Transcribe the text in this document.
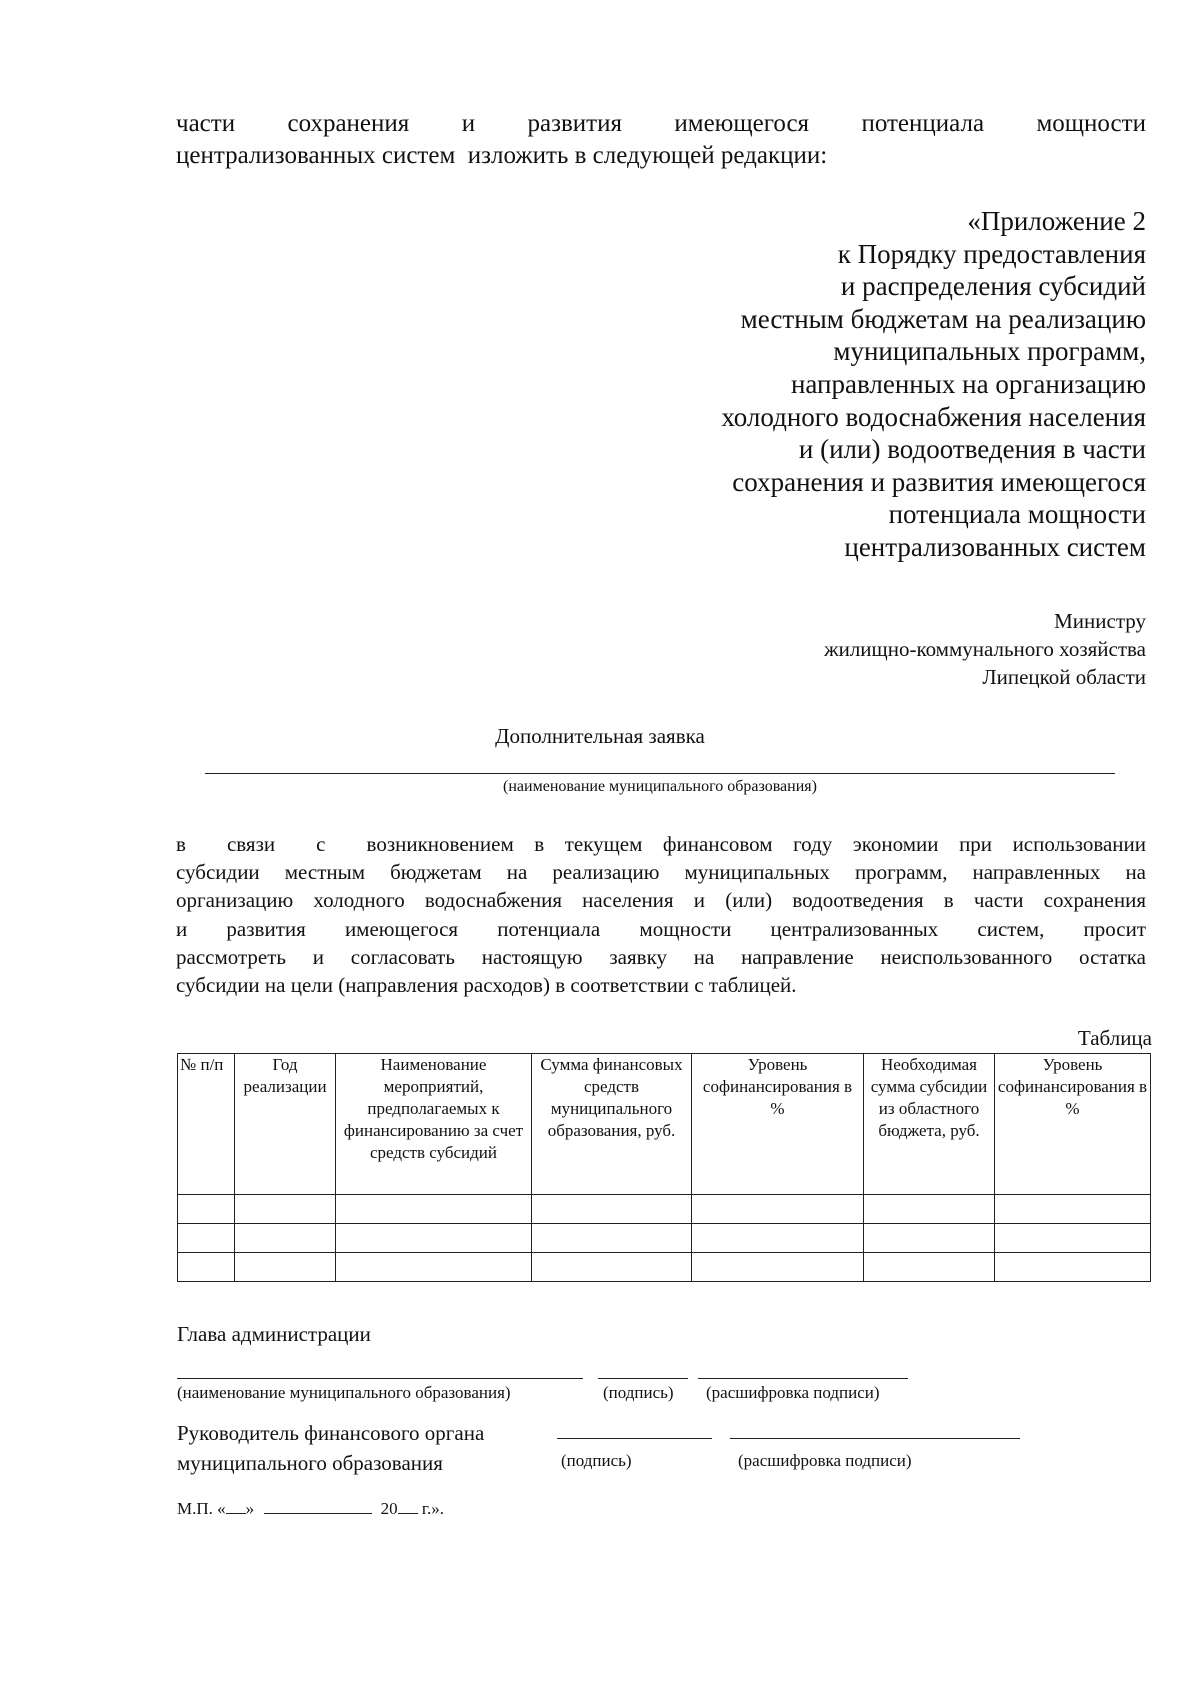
части сохранения и развития имеющегося потенциала мощности
централизованных систем  изложить в следующей редакции:
«Приложение 2
к Порядку предоставления
и распределения субсидий
местным бюджетам на реализацию
муниципальных программ,
направленных на организацию
холодного водоснабжения населения
и (или) водоотведения в части
сохранения и развития имеющегося
потенциала мощности
централизованных систем
Министру
жилищно-коммунального хозяйства
Липецкой области
Дополнительная заявка
(наименование муниципального образования)
в  связи  с  возникновением в текущем финансовом году экономии при использовании
субсидии местным бюджетам на реализацию муниципальных программ, направленных на
организацию холодного водоснабжения населения и (или) водоотведения в части сохранения
и  развития  имеющегося  потенциала  мощности  централизованных  систем,  просит
рассмотреть и согласовать настоящую заявку на направление неиспользованного остатка
субсидии на цели (направления расходов) в соответствии с таблицей.
Таблица
№ п/п	Год реализации	Наименование мероприятий, предполагаемых к финансированию за счет средств субсидий	Сумма финансовых средств муниципального образования, руб.	Уровень софинансирования в %	Необходимая сумма субсидии из областного бюджета, руб.	Уровень софинансирования в %

Глава администрации
(наименование муниципального образования)	(подпись) (расшифровка подписи)
Руководитель финансового органа
муниципального образования	(подпись)	(расшифровка подписи)
М.П. « »	20 г.».
